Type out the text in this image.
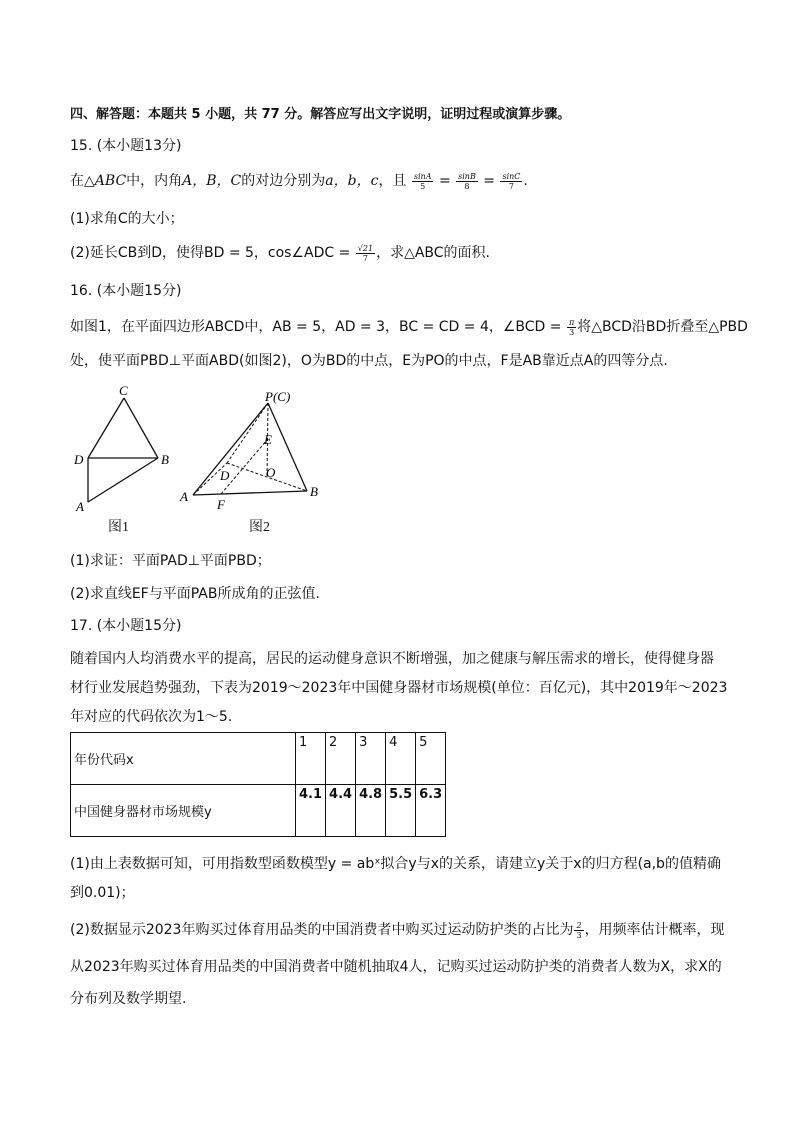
四、解答题：本题共 5 小题，共 77 分。解答应写出文字说明，证明过程或演算步骤。
15. (本小题13分)
在△ABC中，内角A，B，C的对边分别为a，b，c，且 $\frac{\sin A}{5} = \frac{\sin B}{8} = \frac{\sin C}{7}$ .
(1)求角C的大小；
(2)延长CB到D，使得BD = 5，cos∠ADC = $\frac{√21}{7}$ ，求△ABC的面积.
16. (本小题15分)
如图1，在平面四边形ABCD中，AB = 5，AD = 3，BC = CD = 4，∠BCD = $\frac{\pi}{3}$ 将△BCD沿BD折叠至△PBD
处，使平面PBD⊥平面ABD(如图2)，O为BD的中点，E为PO的中点，F是AB靠近点A的四等分点.
C
D	B
A
图1
P(C)
E
O
D
A	B
F
图2
(1)求证：平面PAD⊥平面PBD；
(2)求直线EF与平面PAB所成角的正弦值.
17. (本小题15分)
随着国内人均消费水平的提高，居民的运动健身意识不断增强，加之健康与解压需求的增长，使得健身器
材行业发展趋势强劲，下表为2019～2023年中国健身器材市场规模(单位：百亿元)，其中2019年～2023
年对应的代码依次为1～5.
年份代码x	1	2	3	4	5
中国健身器材市场规模y	4.1	4.4	4.8	5.5	6.3
(1)由上表数据可知，可用指数型函数模型y = abˣ拟合y与x的关系，请建立y关于x的归方程(a,b的值精确
到0.01)；
(2)数据显示2023年购买过体育用品类的中国消费者中购买过运动防护类的占比为 $\frac{2}{3}$ ，用频率估计概率，现
从2023年购买过体育用品类的中国消费者中随机抽取4人，记购买过运动防护类的消费者人数为X，求X的
分布列及数学期望.
